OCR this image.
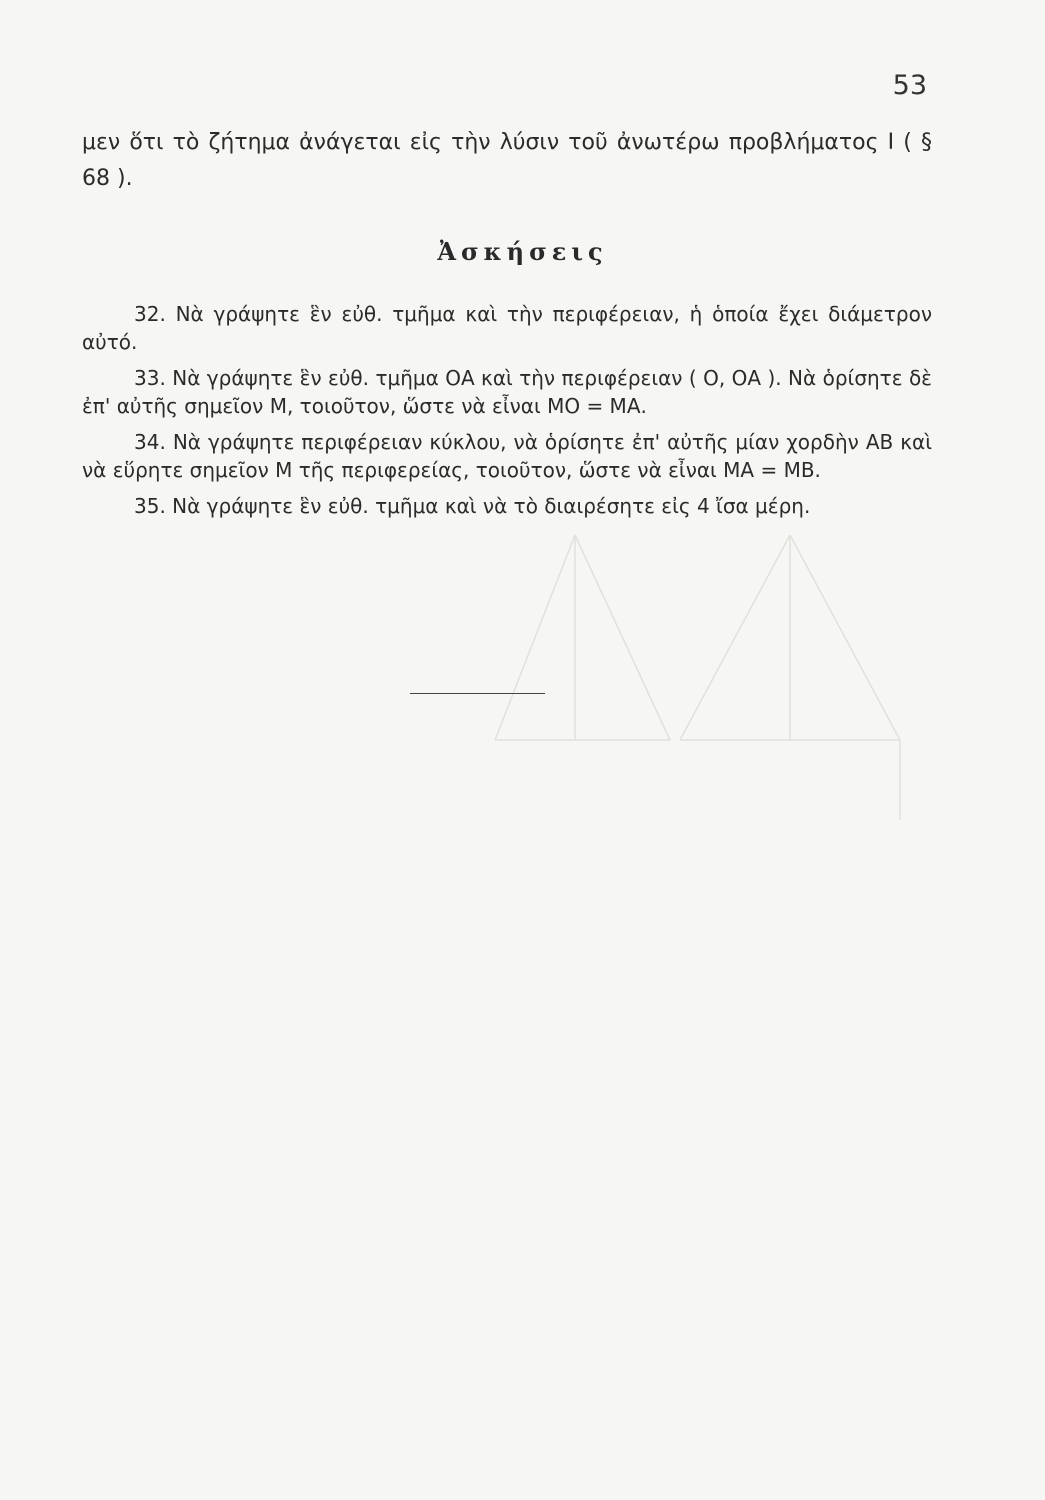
53

μεν ὅτι τὸ ζήτημα ἀνάγεται εἰς τὴν λύσιν τοῦ ἀνωτέρω προβλήματος Ι ( § 68 ).

Ἀσκήσεις

32. Νὰ γράψητε ἓν εὐθ. τμῆμα καὶ τὴν περιφέρειαν, ἡ ὁποία ἔχει διάμετρον αὐτό.

33. Νὰ γράψητε ἓν εὐθ. τμῆμα ΟΑ καὶ τὴν περιφέρειαν ( Ο, ΟΑ ). Νὰ ὁρίσητε δὲ ἐπ' αὐτῆς σημεῖον Μ, τοιοῦτον, ὥστε νὰ εἶναι ΜΟ = ΜΑ.

34. Νὰ γράψητε περιφέρειαν κύκλου, νὰ ὁρίσητε ἐπ' αὐτῆς μίαν χορδὴν ΑΒ καὶ νὰ εὕρητε σημεῖον Μ τῆς περιφερείας, τοιοῦτον, ὥστε νὰ εἶναι ΜΑ = ΜΒ.

35. Νὰ γράψητε ἓν εὐθ. τμῆμα καὶ νὰ τὸ διαιρέσητε εἰς 4 ἴσα μέρη.
